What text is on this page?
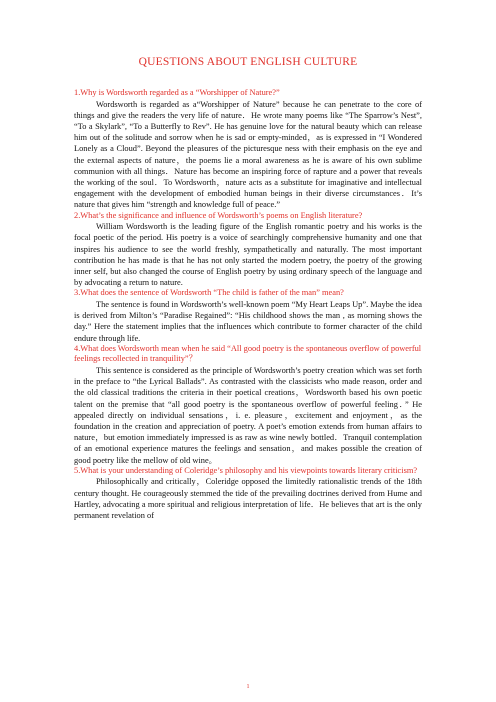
QUESTIONS ABOUT ENGLISH CULTURE

1.Why is Wordsworth regarded as a “Worshipper of Nature?”

Wordsworth is regarded as a“Worshipper of Nature” because he can penetrate to the core of things and give the readers the very life of nature．He wrote many poems like “The Sparrow’s Nest”, “To a Skylark”, “To a Butterfly to Rev”. He has genuine love for the natural beauty which can release him out of the solitude and sorrow when he is sad or empty-minded，as is expressed in “I Wondered Lonely as a Cloud”. Beyond the pleasures of the picturesque ness with their emphasis on the eye and the external aspects of nature，the poems lie a moral awareness as he is aware of his own sublime communion with all things．Nature has become an inspiring force of rapture and a power that reveals the working of the soul．To Wordsworth，nature acts as a substitute for imaginative and intellectual engagement with the development of embodied human beings in their diverse circumstances．It’s nature that gives him “strength and knowledge full of peace.”

2.What’s the significance and influence of Wordsworth’s poems on English literature?

William Wordsworth is the leading figure of the English romantic poetry and his works is the focal poetic of the period. His poetry is a voice of searchingly comprehensive humanity and one that inspires his audience to see the world freshly, sympathetically and naturally. The most important contribution he has made is that he has not only started the modern poetry, the poetry of the growing inner self, but also changed the course of English poetry by using ordinary speech of the language and by advocating a return to nature.

3.What does the sentence of Wordsworth “The child is father of the man” mean?

The sentence is found in Wordsworth’s well-known poem “My Heart Leaps Up”. Maybe the idea is derived from Milton’s “Paradise Regained”: “His childhood shows the man , as morning shows the day.” Here the statement implies that the influences which contribute to former character of the child endure through life.

4.What does Wordsworth mean when he said “All good poetry is the spontaneous overflow of powerful feelings recollected in tranquility”？

This sentence is considered as the principle of Wordsworth’s poetry creation which was set forth in the preface to “the Lyrical Ballads”. As contrasted with the classicists who made reason, order and the old classical traditions the criteria in their poetical creations，Wordsworth based his own poetic talent on the premise that “all good poetry is the spontaneous overflow of powerful feeling．” He appealed directly on individual sensations，i. e. pleasure，excitement and enjoyment，as the foundation in the creation and appreciation of poetry. A poet’s emotion extends from human affairs to nature，but emotion immediately impressed is as raw as wine newly bottled．Tranquil contemplation of an emotional experience matures the feelings and sensation，and makes possible the creation of good poetry like the mellow of old wine。

5.What is your understanding of Coleridge’s philosophy and his viewpoints towards literary criticism?

Philosophically and critically，Coleridge opposed the limitedly rationalistic trends of the 18th century thought. He courageously stemmed the tide of the prevailing doctrines derived from Hume and Hartley, advocating a more spiritual and religious interpretation of life．He believes that art is the only permanent revelation of

1
